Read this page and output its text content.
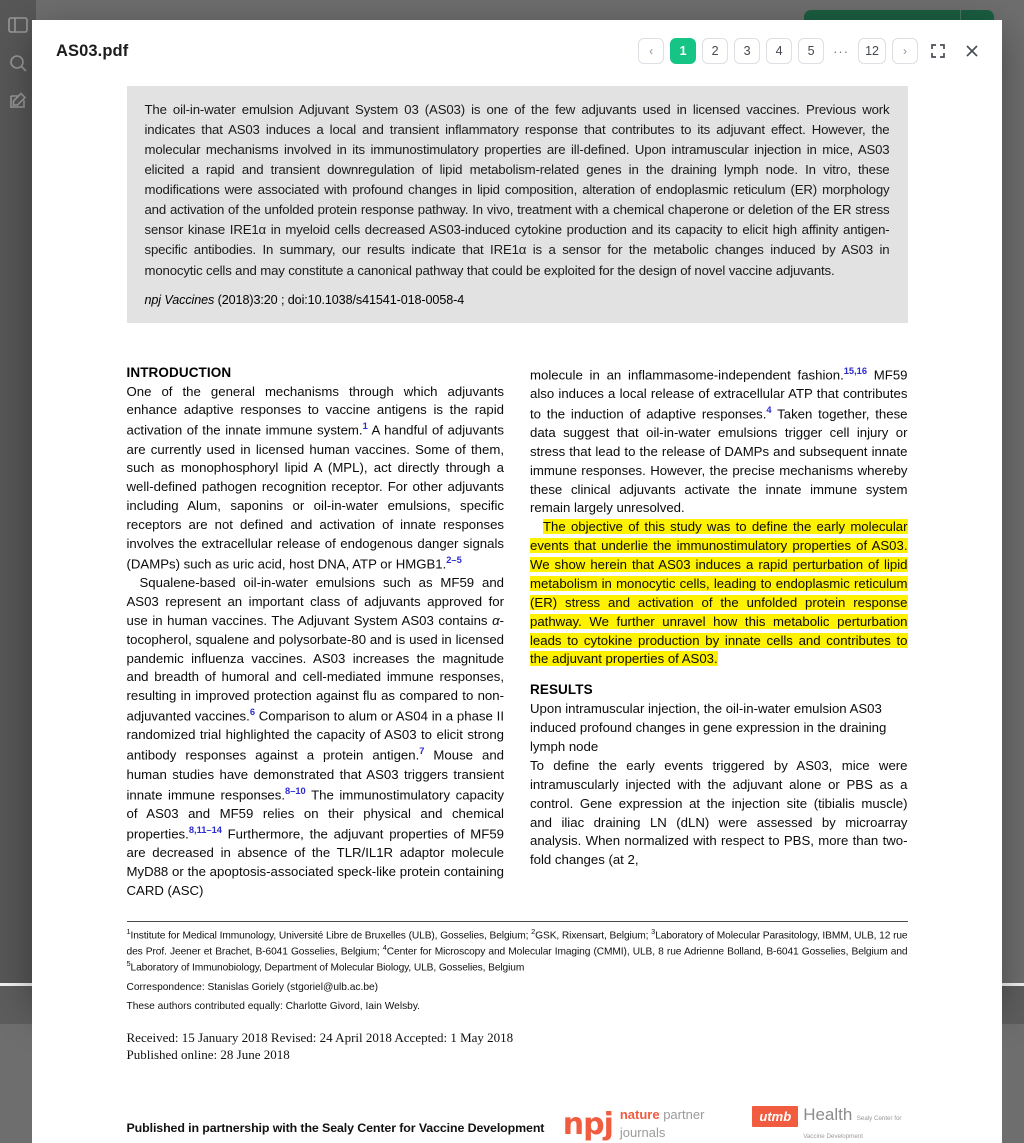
AS03.pdf	‹	1	2	3	4	5	···	12	›

The oil-in-water emulsion Adjuvant System 03 (AS03) is one of the few adjuvants used in licensed vaccines. Previous work indicates that AS03 induces a local and transient inflammatory response that contributes to its adjuvant effect. However, the molecular mechanisms involved in its immunostimulatory properties are ill-defined. Upon intramuscular injection in mice, AS03 elicited a rapid and transient downregulation of lipid metabolism-related genes in the draining lymph node. In vitro, these modifications were associated with profound changes in lipid composition, alteration of endoplasmic reticulum (ER) morphology and activation of the unfolded protein response pathway. In vivo, treatment with a chemical chaperone or deletion of the ER stress sensor kinase IRE1α in myeloid cells decreased AS03-induced cytokine production and its capacity to elicit high affinity antigen-specific antibodies. In summary, our results indicate that IRE1α is a sensor for the metabolic changes induced by AS03 in monocytic cells and may constitute a canonical pathway that could be exploited for the design of novel vaccine adjuvants.

npj Vaccines (2018)3:20 ; doi:10.1038/s41541-018-0058-4
INTRODUCTION

One of the general mechanisms through which adjuvants enhance adaptive responses to vaccine antigens is the rapid activation of the innate immune system.$^1$ A handful of adjuvants are currently used in licensed human vaccines. Some of them, such as monophosphoryl lipid A (MPL), act directly through a well-defined pathogen recognition receptor. For other adjuvants including Alum, saponins or oil-in-water emulsions, specific receptors are not defined and activation of innate responses involves the extracellular release of endogenous danger signals (DAMPs) such as uric acid, host DNA, ATP or HMGB1.$^{2-5}$

Squalene-based oil-in-water emulsions such as MF59 and AS03 represent an important class of adjuvants approved for use in human vaccines. The Adjuvant System AS03 contains α-tocopherol, squalene and polysorbate-80 and is used in licensed pandemic influenza vaccines. AS03 increases the magnitude and breadth of humoral and cell-mediated immune responses, resulting in improved protection against flu as compared to non-adjuvanted vaccines.$^6$ Comparison to alum or AS04 in a phase II randomized trial highlighted the capacity of AS03 to elicit strong antibody responses against a protein antigen.$^7$ Mouse and human studies have demonstrated that AS03 triggers transient innate immune responses.$^{8-10}$ The immunostimulatory capacity of AS03 and MF59 relies on their physical and chemical properties.$^{8,11-14}$ Furthermore, the adjuvant properties of MF59 are decreased in absence of the TLR/IL1R adaptor molecule MyD88 or the apoptosis-associated speck-like protein containing CARD (ASC)

molecule in an inflammasome-independent fashion.$^{15,16}$ MF59 also induces a local release of extracellular ATP that contributes to the induction of adaptive responses.$^4$ Taken together, these data suggest that oil-in-water emulsions trigger cell injury or stress that lead to the release of DAMPs and subsequent innate immune responses. However, the precise mechanisms whereby these clinical adjuvants activate the innate immune system remain largely unresolved.

The objective of this study was to define the early molecular events that underlie the immunostimulatory properties of AS03. We show herein that AS03 induces a rapid perturbation of lipid metabolism in monocytic cells, leading to endoplasmic reticulum (ER) stress and activation of the unfolded protein response pathway. We further unravel how this metabolic perturbation leads to cytokine production by innate cells and contributes to the adjuvant properties of AS03.

RESULTS

Upon intramuscular injection, the oil-in-water emulsion AS03 induced profound changes in gene expression in the draining lymph node

To define the early events triggered by AS03, mice were intramuscularly injected with the adjuvant alone or PBS as a control. Gene expression at the injection site (tibialis muscle) and iliac draining LN (dLN) were assessed by microarray analysis. When normalized with respect to PBS, more than two-fold changes (at 2,

$^1$Institute for Medical Immunology, Université Libre de Bruxelles (ULB), Gosselies, Belgium; $^2$GSK, Rixensart, Belgium; $^3$Laboratory of Molecular Parasitology, IBMM, ULB, 12 rue des Prof. Jeener et Brachet, B-6041 Gosselies, Belgium; $^4$Center for Microscopy and Molecular Imaging (CMMI), ULB, 8 rue Adrienne Bolland, B-6041 Gosselies, Belgium and $^5$Laboratory of Immunobiology, Department of Molecular Biology, ULB, Gosselies, Belgium
Correspondence: Stanislas Goriely (stgoriel@ulb.ac.be)
These authors contributed equally: Charlotte Givord, Iain Welsby.
Received: 15 January 2018 Revised: 24 April 2018 Accepted: 1 May 2018
Published online: 28 June 2018
Published in partnership with the Sealy Center for Vaccine Development npj nature partner
journals
utmb Health Sealy Center for
Vaccine Development
